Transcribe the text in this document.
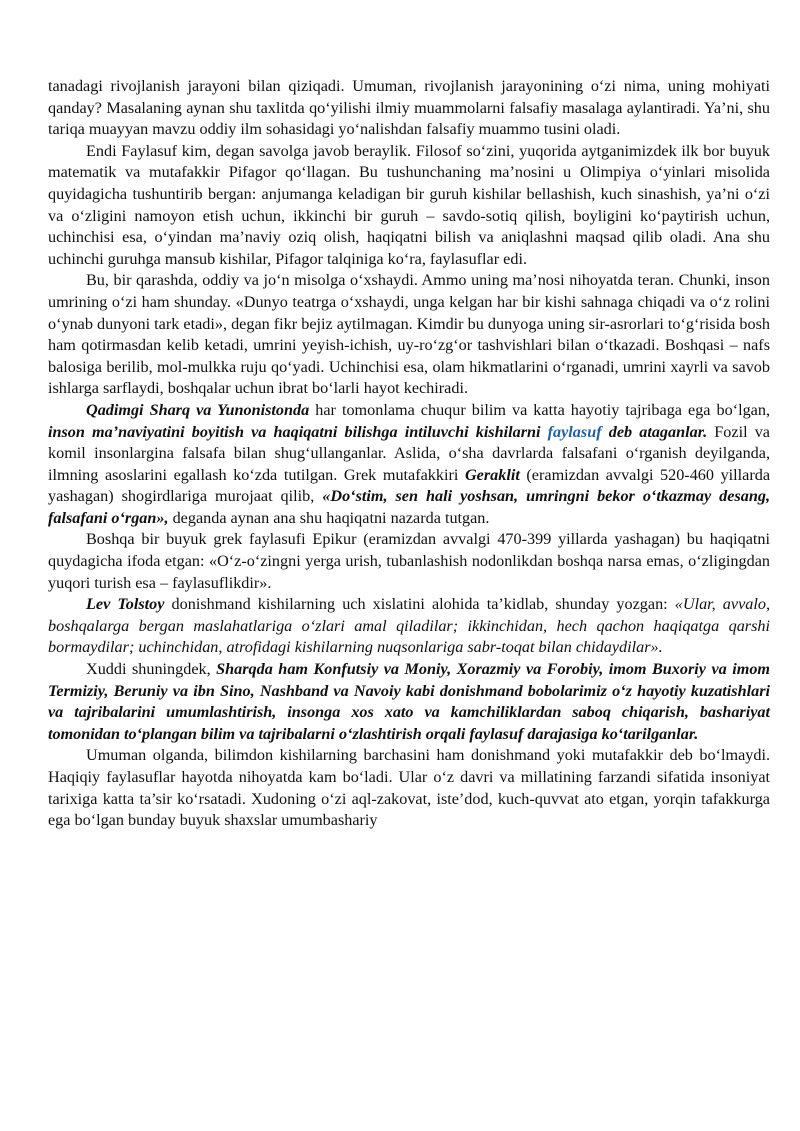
tanadagi rivojlanish jarayoni bilan qiziqadi. Umuman, rivojlanish jarayonining o‘zi nima, uning mohiyati qanday? Masalaning aynan shu taxlitda qo‘yilishi ilmiy muammolarni falsafiy masalaga aylantiradi. Ya’ni, shu tariqa muayyan mavzu oddiy ilm sohasidagi yo‘nalishdan falsafiy muammo tusini oladi.

Endi Faylasuf kim, degan savolga javob beraylik. Filosof so‘zini, yuqorida aytganimizdek ilk bor buyuk matematik va mutafakkir Pifagor qo‘llagan. Bu tushunchaning ma’nosini u Olimpiya o‘yinlari misolida quyidagicha tushuntirib bergan: anjumanga keladigan bir guruh kishilar bellashish, kuch sinashish, ya’ni o‘zi va o‘zligini namoyon etish uchun, ikkinchi bir guruh – savdo-sotiq qilish, boyligini ko‘paytirish uchun, uchinchisi esa, o‘yindan ma’naviy oziq olish, haqiqatni bilish va aniqlashni maqsad qilib oladi. Ana shu uchinchi guruhga mansub kishilar, Pifagor talqiniga ko‘ra, faylasuflar edi.

Bu, bir qarashda, oddiy va jo‘n misolga o‘xshaydi. Ammo uning ma’nosi nihoyatda teran. Chunki, inson umrining o‘zi ham shunday. «Dunyo teatrga o‘xshaydi, unga kelgan har bir kishi sahnaga chiqadi va o‘z rolini o‘ynab dunyoni tark etadi», degan fikr bejiz aytilmagan. Kimdir bu dunyoga uning sir-asrorlari to‘g‘risida bosh ham qotirmasdan kelib ketadi, umrini yeyish-ichish, uy-ro‘zg‘or tashvishlari bilan o‘tkazadi. Boshqasi – nafs balosiga berilib, mol-mulkka ruju qo‘yadi. Uchinchisi esa, olam hikmatlarini o‘rganadi, umrini xayrli va savob ishlarga sarflaydi, boshqalar uchun ibrat bo‘larli hayot kechiradi.

Qadimgi Sharq va Yunonistonda har tomonlama chuqur bilim va katta hayotiy tajribaga ega bo‘lgan, inson ma’naviyatini boyitish va haqiqatni bilishga intiluvchi kishilarni faylasuf deb ataganlar. Fozil va komil insonlargina falsafa bilan shug‘ullanganlar. Aslida, o‘sha davrlarda falsafani o‘rganish deyilganda, ilmning asoslarini egallash ko‘zda tutilgan. Grek mutafakkiri Geraklit (eramizdan avvalgi 520-460 yillarda yashagan) shogirdlariga murojaat qilib, «Do‘stim, sen hali yoshsan, umringni bekor o‘tkazmay desang, falsafani o‘rgan», deganda aynan ana shu haqiqatni nazarda tutgan.

Boshqa bir buyuk grek faylasufi Epikur (eramizdan avvalgi 470-399 yillarda yashagan) bu haqiqatni quydagicha ifoda etgan: «O‘z-o‘zingni yerga urish, tubanlashish nodonlikdan boshqa narsa emas, o‘zligingdan yuqori turish esa – faylasuflikdir».

Lev Tolstoy donishmand kishilarning uch xislatini alohida ta’kidlab, shunday yozgan: «Ular, avvalo, boshqalarga bergan maslahatlariga o‘zlari amal qiladilar; ikkinchidan, hech qachon haqiqatga qarshi bormaydilar; uchinchidan, atrofidagi kishilarning nuqsonlariga sabr-toqat bilan chidaydilar».

Xuddi shuningdek, Sharqda ham Konfutsiy va Moniy, Xorazmiy va Forobiy, imom Buxoriy va imom Termiziy, Beruniy va ibn Sino, Nashband va Navoiy kabi donishmand bobolarimiz o‘z hayotiy kuzatishlari va tajribalarini umumlashtirish, insonga xos xato va kamchiliklardan saboq chiqarish, bashariyat tomonidan to‘plangan bilim va tajribalarni o‘zlashtirish orqali faylasuf darajasiga ko‘tarilganlar.

Umuman olganda, bilimdon kishilarning barchasini ham donishmand yoki mutafakkir deb bo‘lmaydi. Haqiqiy faylasuflar hayotda nihoyatda kam bo‘ladi. Ular o‘z davri va millatining farzandi sifatida insoniyat tarixiga katta ta’sir ko‘rsatadi. Xudoning o‘zi aql-zakovat, iste’dod, kuch-quvvat ato etgan, yorqin tafakkurga ega bo‘lgan bunday buyuk shaxslar umumbashariy
